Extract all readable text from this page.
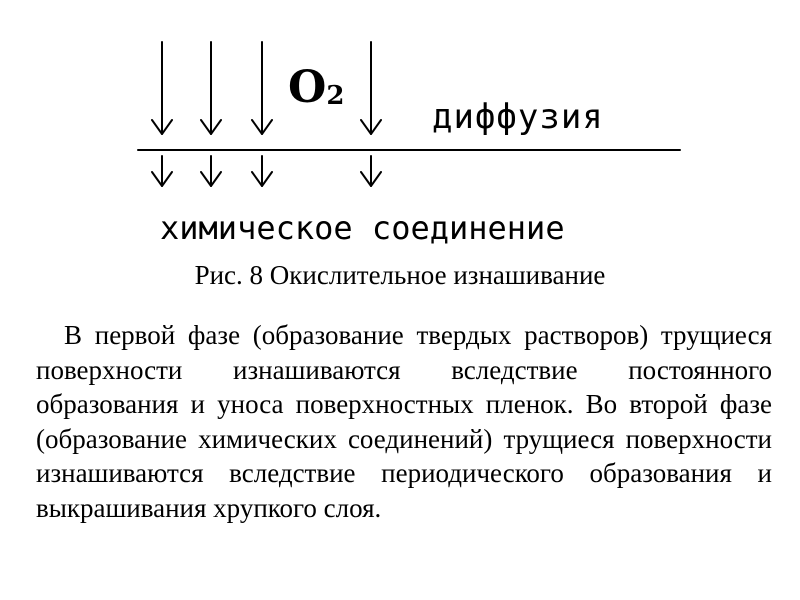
O2
диффузия
химическое соединение
Рис. 8 Окислительное изнашивание

В первой фазе (образование твердых растворов) трущиеся поверхности изнашиваются вследствие постоянного образования и уноса поверхностных пленок. Во второй фазе (образование химических соединений) трущиеся поверхности изнашиваются вследствие периодического образования и выкрашивания хрупкого слоя.
